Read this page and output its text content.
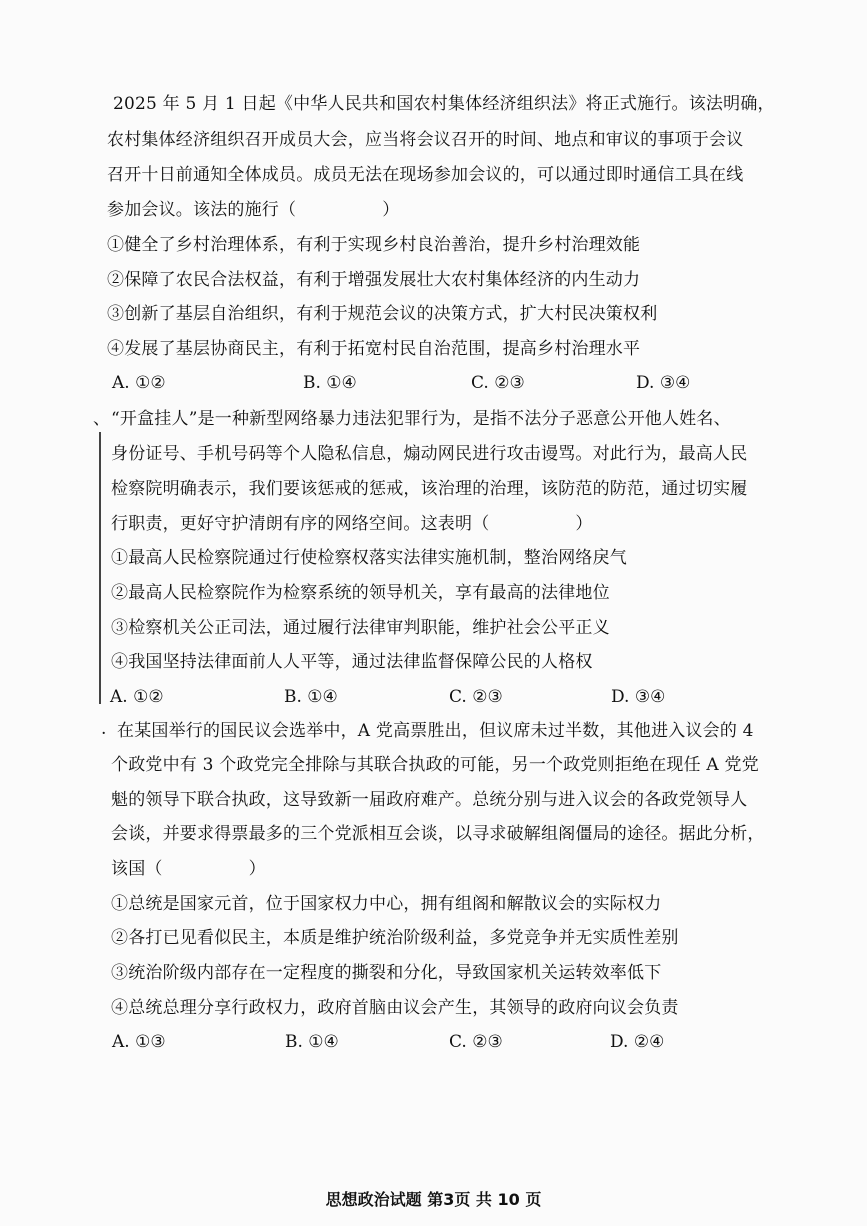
2025 年 5 月 1 日起《中华人民共和国农村集体经济组织法》将正式施行。该法明确，
农村集体经济组织召开成员大会，应当将会议召开的时间、地点和审议的事项于会议
召开十日前通知全体成员。成员无法在现场参加会议的，可以通过即时通信工具在线
参加会议。该法的施行（　　　　　）
①健全了乡村治理体系，有利于实现乡村良治善治，提升乡村治理效能
②保障了农民合法权益，有利于增强发展壮大农村集体经济的内生动力
③创新了基层自治组织，有利于规范会议的决策方式，扩大村民决策权利
④发展了基层协商民主，有利于拓宽村民自治范围，提高乡村治理水平
A. ①②	B. ①④	C. ②③	D. ③④
、 “开盒挂人”是一种新型网络暴力违法犯罪行为，是指不法分子恶意公开他人姓名、
身份证号、手机号码等个人隐私信息，煽动网民进行攻击谩骂。对此行为，最高人民
检察院明确表示，我们要该惩戒的惩戒，该治理的治理，该防范的防范，通过切实履
行职责，更好守护清朗有序的网络空间。这表明（　　　　　）
①最高人民检察院通过行使检察权落实法律实施机制，整治网络戾气
②最高人民检察院作为检察系统的领导机关，享有最高的法律地位
③检察机关公正司法，通过履行法律审判职能，维护社会公平正义
④我国坚持法律面前人人平等，通过法律监督保障公民的人格权
A. ①②	B. ①④	C. ②③	D. ③④
. 在某国举行的国民议会选举中，A 党高票胜出，但议席未过半数，其他进入议会的 4
个政党中有 3 个政党完全排除与其联合执政的可能，另一个政党则拒绝在现任 A 党党
魁的领导下联合执政，这导致新一届政府难产。总统分别与进入议会的各政党领导人
会谈，并要求得票最多的三个党派相互会谈，以寻求破解组阁僵局的途径。据此分析，
该国（　　　　　）
①总统是国家元首，位于国家权力中心，拥有组阁和解散议会的实际权力
②各打已见看似民主，本质是维护统治阶级利益，多党竞争并无实质性差别
③统治阶级内部存在一定程度的撕裂和分化，导致国家机关运转效率低下
④总统总理分享行政权力，政府首脑由议会产生，其领导的政府向议会负责
A. ①③	B. ①④	C. ②③	D. ②④
思想政治试题 第3页 共 10 页
